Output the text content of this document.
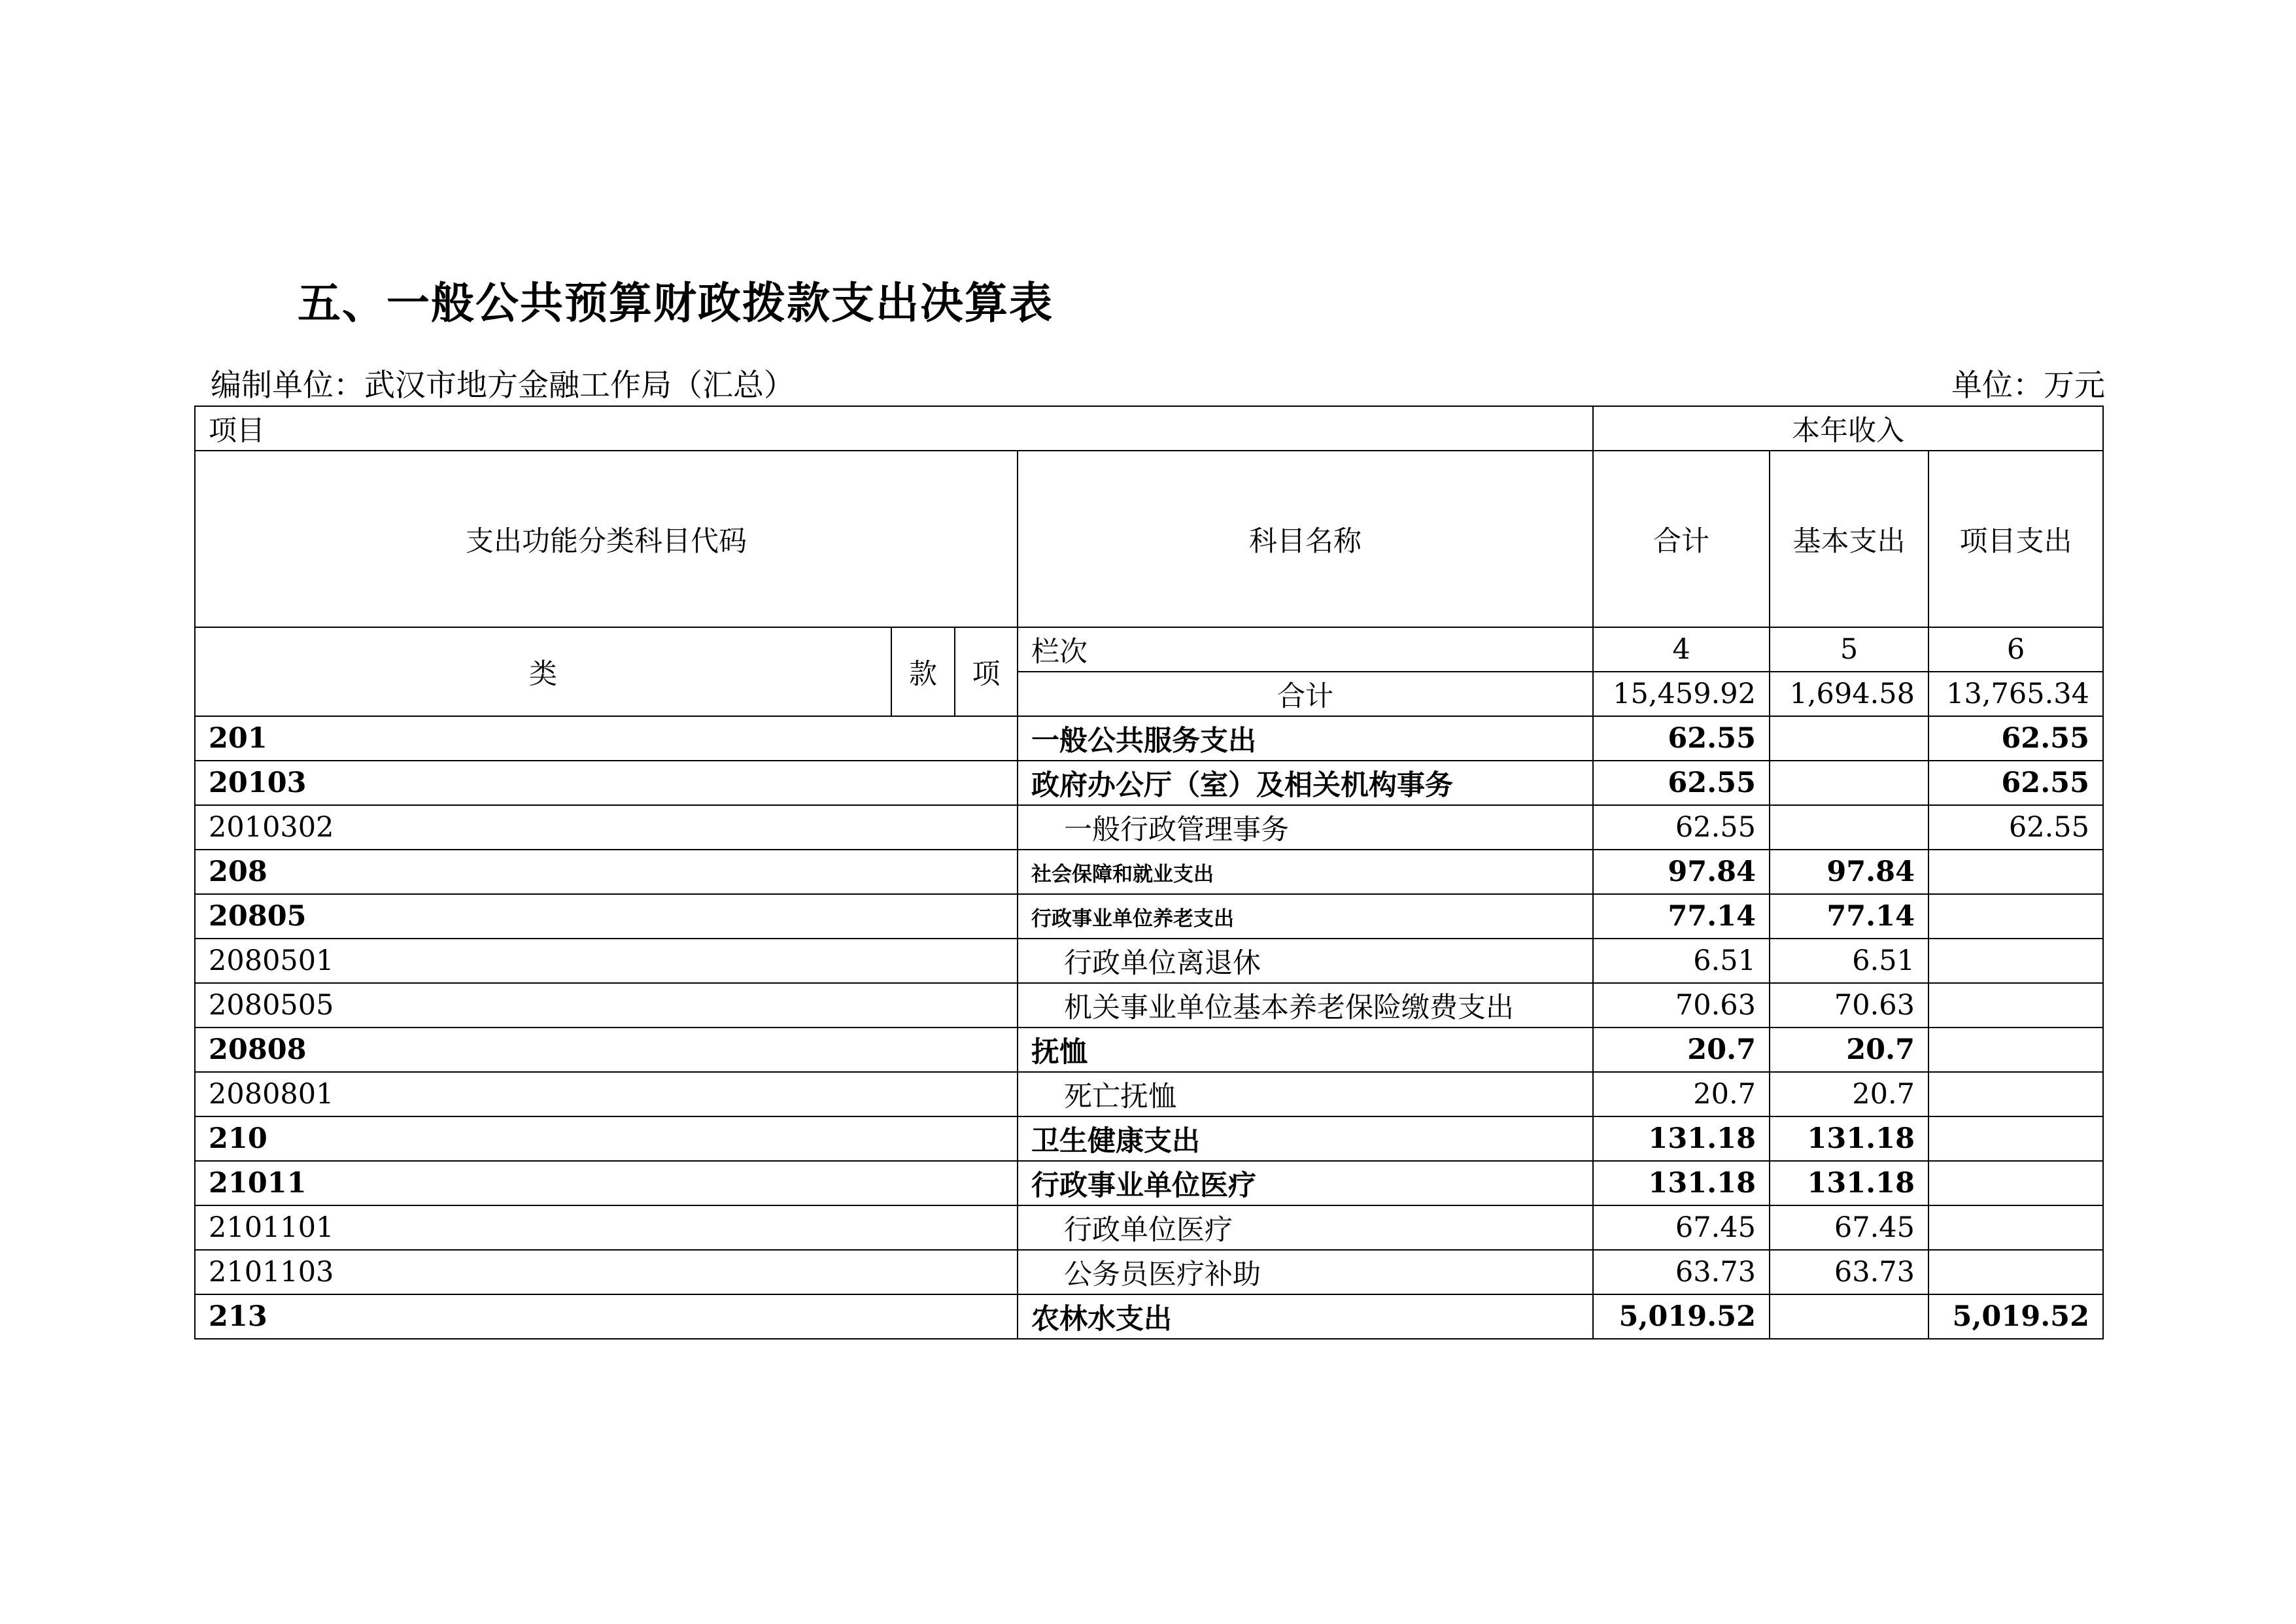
五、一般公共预算财政拨款支出决算表
编制单位：武汉市地方金融工作局（汇总）	单位：万元
项目				本年收入		
支出功能分类科目代码			科目名称	合计	基本支出	项目支出
类	款	项	栏次	4	5	6
			合计	15,459.92	1,694.58	13,765.34
201			一般公共服务支出	62.55		62.55
20103			政府办公厅（室）及相关机构事务	62.55		62.55
2010302			一般行政管理事务	62.55		62.55
208			社会保障和就业支出	97.84	97.84	
20805			行政事业单位养老支出	77.14	77.14	
2080501			行政单位离退休	6.51	6.51	
2080505			机关事业单位基本养老保险缴费支出	70.63	70.63	
20808			抚恤	20.7	20.7	
2080801			死亡抚恤	20.7	20.7	
210			卫生健康支出	131.18	131.18	
21011			行政事业单位医疗	131.18	131.18	
2101101			行政单位医疗	67.45	67.45	
2101103			公务员医疗补助	63.73	63.73	
213			农林水支出	5,019.52		5,019.52
